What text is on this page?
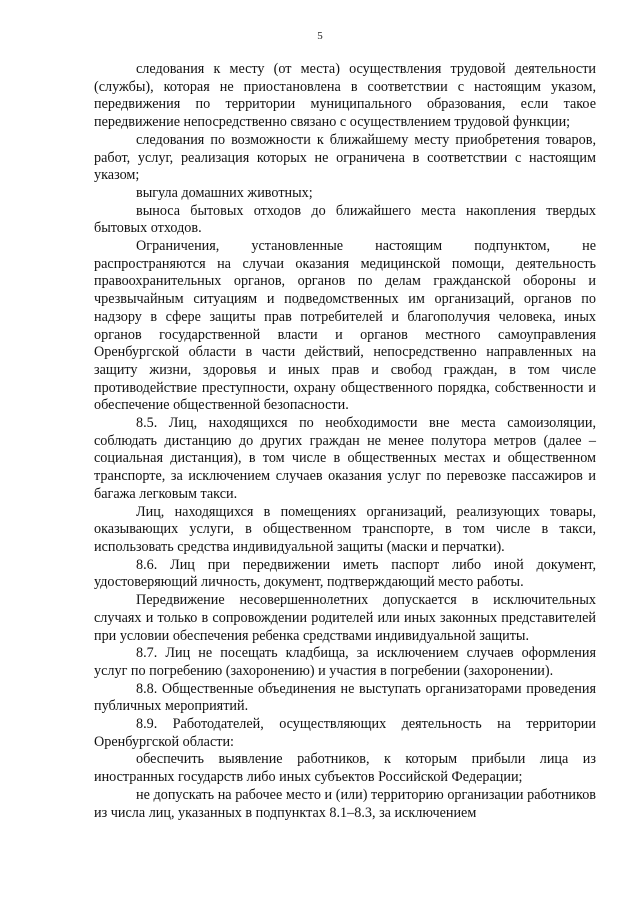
5

следования к месту (от места) осуществления трудовой деятельности (службы), которая не приостановлена в соответствии с настоящим указом, передвижения по территории муниципального образования, если такое передвижение непосредственно связано с осуществлением трудовой функции;

следования по возможности к ближайшему месту приобретения товаров, работ, услуг, реализация которых не ограничена в соответствии с настоящим указом;

выгула домашних животных;

выноса бытовых отходов до ближайшего места накопления твердых бытовых отходов.

Ограничения, установленные настоящим подпунктом, не распространяются на случаи оказания медицинской помощи, деятельность правоохранительных органов, органов по делам гражданской обороны и чрезвычайным ситуациям и подведомственных им организаций, органов по надзору в сфере защиты прав потребителей и благополучия человека, иных органов государственной власти и органов местного самоуправления Оренбургской области в части действий, непосредственно направленных на защиту жизни, здоровья и иных прав и свобод граждан, в том числе противодействие преступности, охрану общественного порядка, собственности и обеспечение общественной безопасности.

8.5. Лиц, находящихся по необходимости вне места самоизоляции, соблюдать дистанцию до других граждан не менее полутора метров (далее – социальная дистанция), в том числе в общественных местах и общественном транспорте, за исключением случаев оказания услуг по перевозке пассажиров и багажа легковым такси.

Лиц, находящихся в помещениях организаций, реализующих товары, оказывающих услуги, в общественном транспорте, в том числе в такси, использовать средства индивидуальной защиты (маски и перчатки).

8.6. Лиц при передвижении иметь паспорт либо иной документ, удостоверяющий личность, документ, подтверждающий место работы.

Передвижение несовершеннолетних допускается в исключительных случаях и только в сопровождении родителей или иных законных представителей при условии обеспечения ребенка средствами индивидуальной защиты.

8.7. Лиц не посещать кладбища, за исключением случаев оформления услуг по погребению (захоронению) и участия в погребении (захоронении).

8.8. Общественные объединения не выступать организаторами проведения публичных мероприятий.

8.9. Работодателей, осуществляющих деятельность на территории Оренбургской области:

обеспечить выявление работников, к которым прибыли лица из иностранных государств либо иных субъектов Российской Федерации;

не допускать на рабочее место и (или) территорию организации работников из числа лиц, указанных в подпунктах 8.1–8.3, за исключением
